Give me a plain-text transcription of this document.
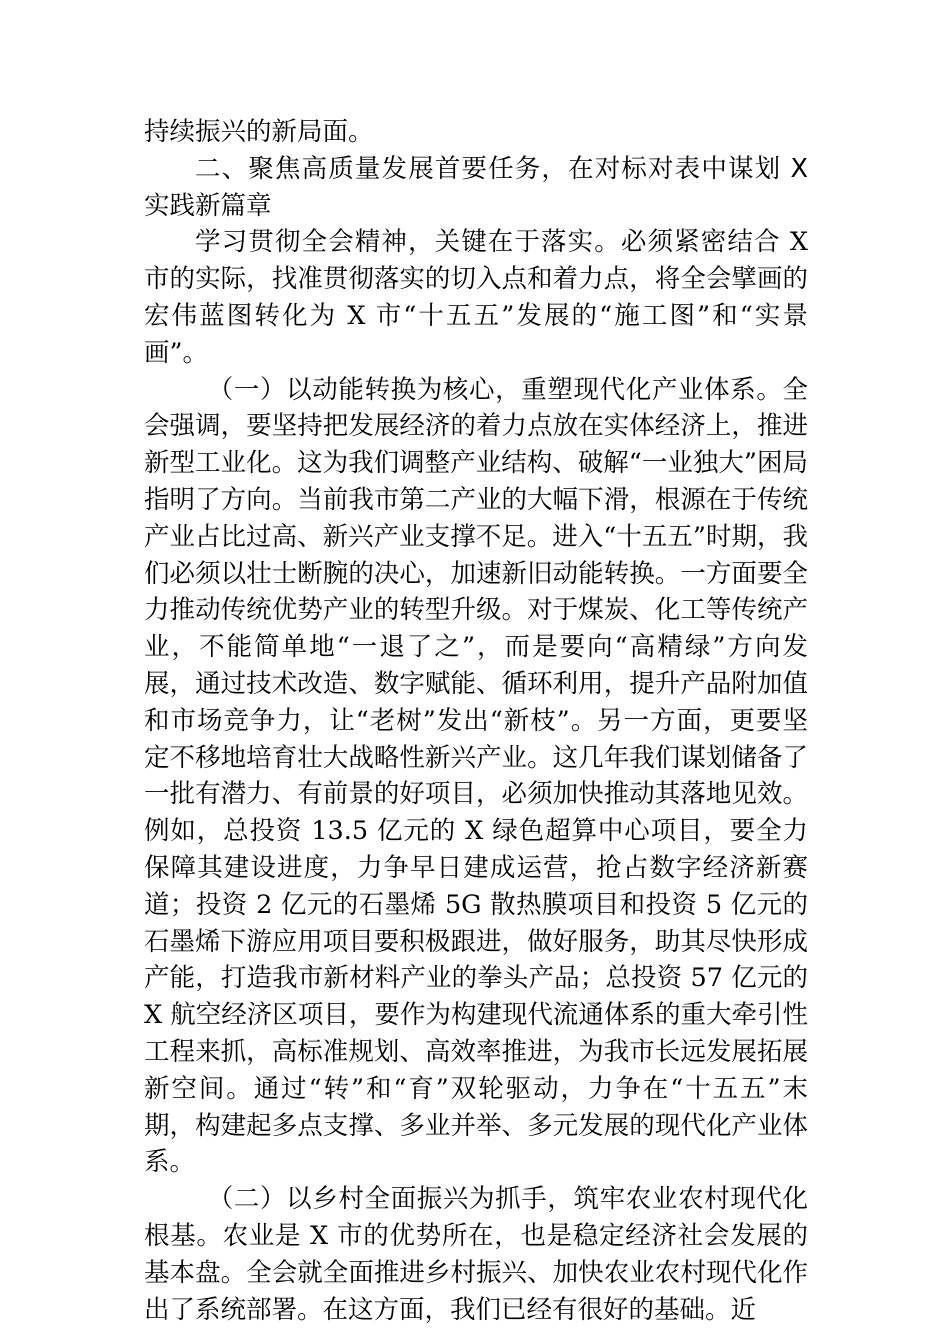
持续振兴的新局面。

二、聚焦高质量发展首要任务，在对标对表中谋划 X 实践新篇章

学习贯彻全会精神，关键在于落实。必须紧密结合 X 市的实际，找准贯彻落实的切入点和着力点，将全会擘画的宏伟蓝图转化为 X 市“十五五”发展的“施工图”和“实景画”。

（一）以动能转换为核心，重塑现代化产业体系。全会强调，要坚持把发展经济的着力点放在实体经济上，推进新型工业化。这为我们调整产业结构、破解“一业独大”困局指明了方向。当前我市第二产业的大幅下滑，根源在于传统产业占比过高、新兴产业支撑不足。进入“十五五”时期，我们必须以壮士断腕的决心，加速新旧动能转换。一方面要全力推动传统优势产业的转型升级。对于煤炭、化工等传统产业，不能简单地“一退了之”，而是要向“高精绿”方向发展，通过技术改造、数字赋能、循环利用，提升产品附加值和市场竞争力，让“老树”发出“新枝”。另一方面，更要坚定不移地培育壮大战略性新兴产业。这几年我们谋划储备了一批有潜力、有前景的好项目，必须加快推动其落地见效。例如，总投资 13.5 亿元的 X 绿色超算中心项目，要全力保障其建设进度，力争早日建成运营，抢占数字经济新赛道；投资 2 亿元的石墨烯 5G 散热膜项目和投资 5 亿元的石墨烯下游应用项目要积极跟进，做好服务，助其尽快形成产能，打造我市新材料产业的拳头产品；总投资 57 亿元的 X 航空经济区项目，要作为构建现代流通体系的重大牵引性工程来抓，高标准规划、高效率推进，为我市长远发展拓展新空间。通过“转”和“育”双轮驱动，力争在“十五五”末期，构建起多点支撑、多业并举、多元发展的现代化产业体系。

（二）以乡村全面振兴为抓手，筑牢农业农村现代化根基。农业是 X 市的优势所在，也是稳定经济社会发展的基本盘。全会就全面推进乡村振兴、加快农业农村现代化作出了系统部署。在这方面，我们已经有很好的基础。近
